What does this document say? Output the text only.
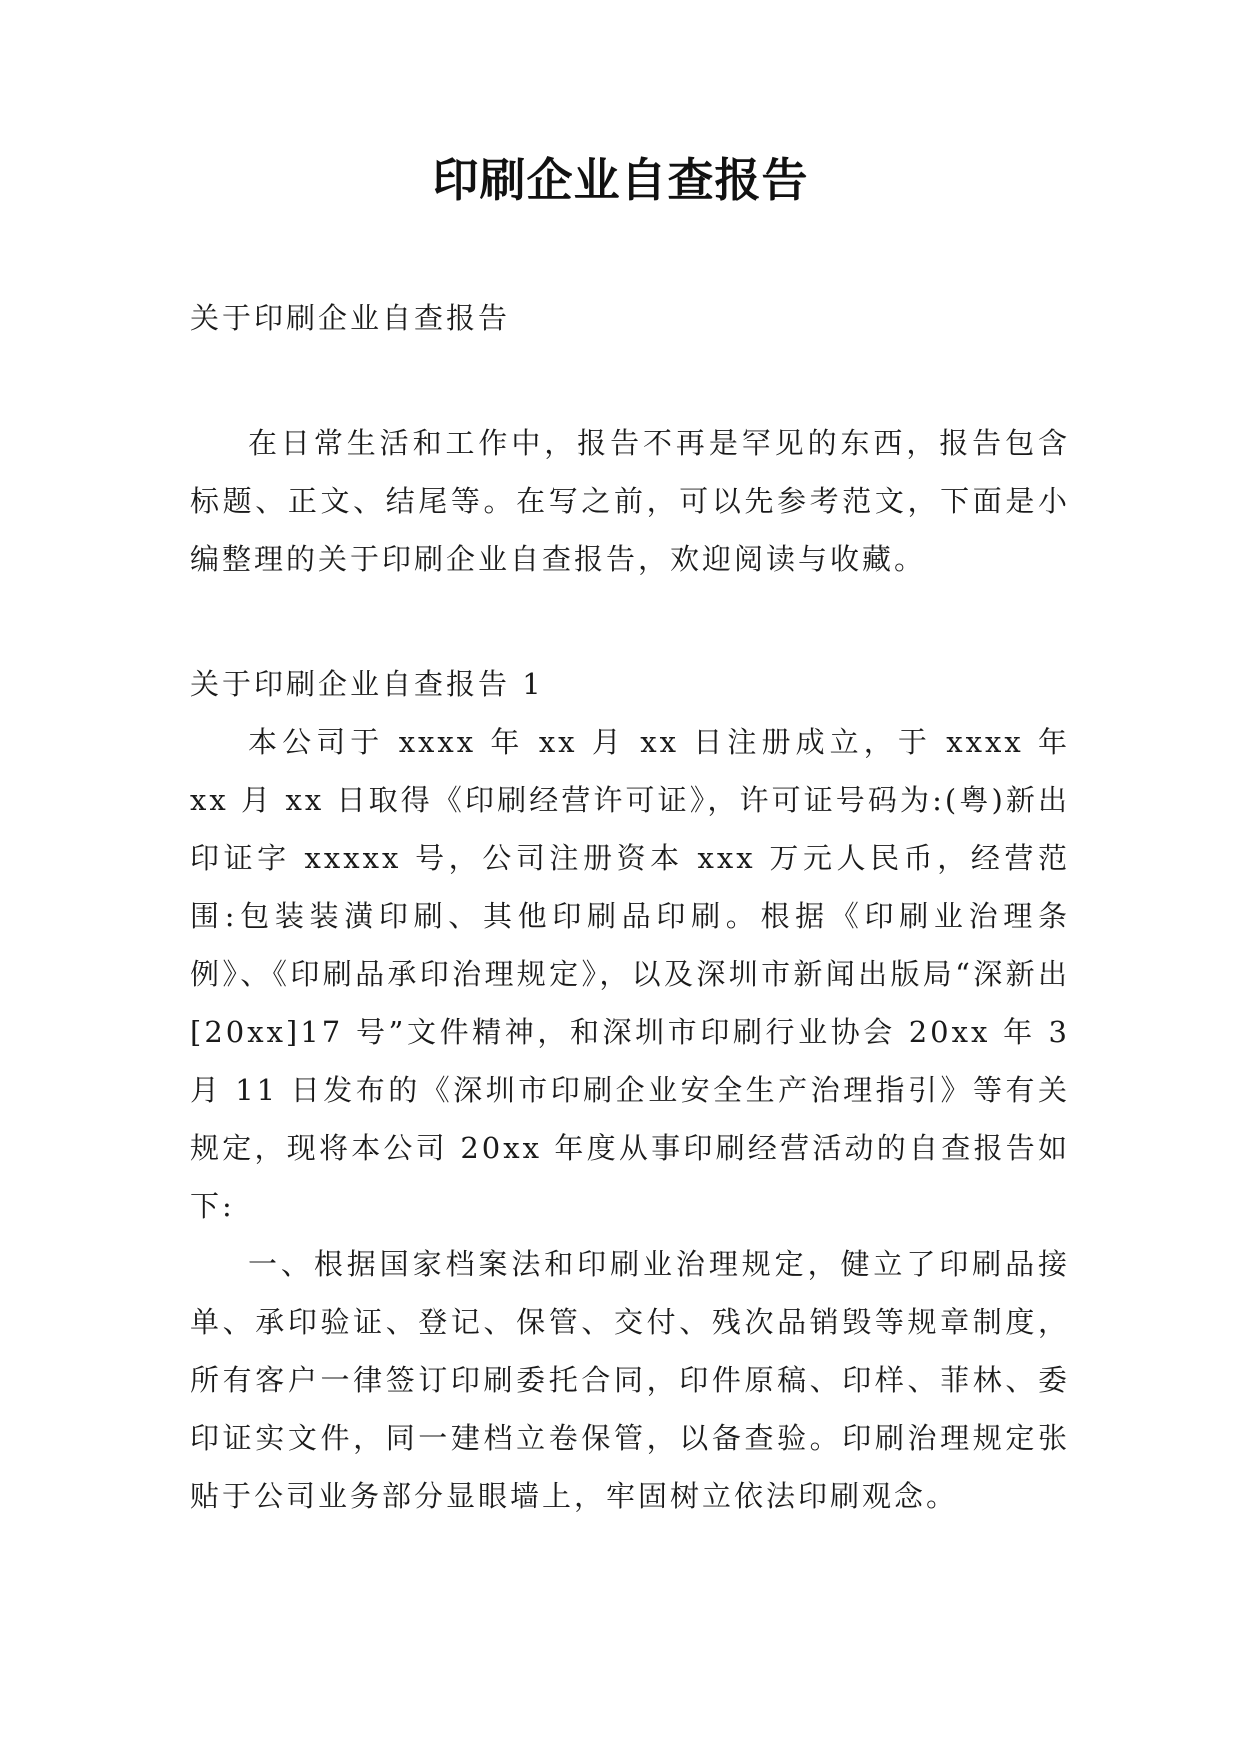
印刷企业自查报告

关于印刷企业自查报告

在日常生活和工作中，报告不再是罕见的东西，报告包含标题、正文、结尾等。在写之前，可以先参考范文，下面是小编整理的关于印刷企业自查报告，欢迎阅读与收藏。

关于印刷企业自查报告 1

本公司于 xxxx 年 xx 月 xx 日注册成立，于 xxxx 年 xx 月 xx 日取得《印刷经营许可证》，许可证号码为:(粤)新出印证字 xxxxx 号，公司注册资本 xxx 万元人民币，经营范围:包装装潢印刷、其他印刷品印刷。根据《印刷业治理条例》、《印刷品承印治理规定》，以及深圳市新闻出版局“深新出[20xx]17 号”文件精神，和深圳市印刷行业协会 20xx 年 3 月 11 日发布的《深圳市印刷企业安全生产治理指引》等有关规定，现将本公司 20xx 年度从事印刷经营活动的自查报告如下:

一、根据国家档案法和印刷业治理规定，健立了印刷品接单、承印验证、登记、保管、交付、残次品销毁等规章制度，所有客户一律签订印刷委托合同，印件原稿、印样、菲林、委印证实文件，同一建档立卷保管，以备查验。印刷治理规定张贴于公司业务部分显眼墙上，牢固树立依法印刷观念。
